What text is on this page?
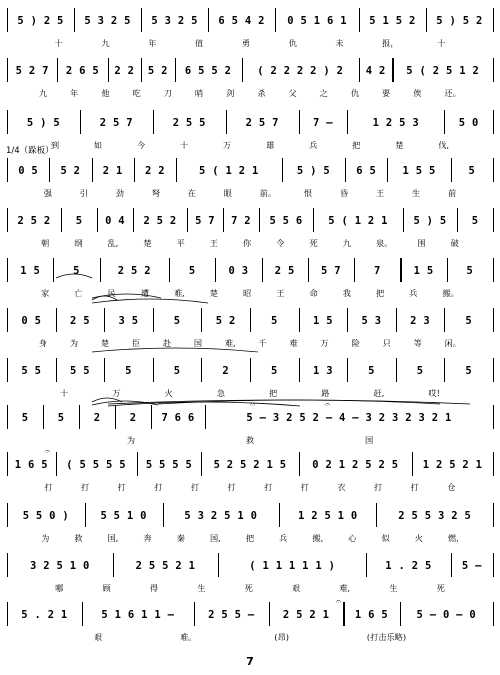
5 ) 2 5 5 3 2 5 5 3 2 5 6 5 4 2 0 5 1 6 1 5 1 5 2 5 ) 5 2
十	九	年	值	勇	仇	未	报，	十
5 2 7 2 6 5 2 2 5 2 6 5 5 2 ( 2 2 2 2 ) 2 4 2 5 ( 2 5 1 2
九	年	他	吃	刀	哨	剑	杀	父	之	仇	要	俟	还。
5 ) 5	2 5 7	2 5 5	2 5 7	7 –	1 2 5 3	5 0
到	如	今	十	万	雄	兵	把	楚	伐,
0 5 5 2 2 1 2 2	5 ( 1 2 1	5 ) 5	6 5	1 5 5	5
强	引	劲	弩	在	眼	前。	恨	昏	王	生	前
2 5 2 5 0 4 2 5 2 5 7 7 2 5 5 6 5 ( 1 2 1 5 ) 5 5
朝	纲	乱,	楚	平	王	你	令	死	九	泉。	围	破
1 5	5	2 5 2	5	0 3	2 5	5 7	7	1 5	5
家	亡	民	遭	难,	楚	昭	王	命	我	把	兵	搬。
0 5	2 5	3 5	5	5 2	5	1 5	5 3	2 3	5
身	为	楚	臣	赴	国	难,	千	难	万	险	只	等	闲。
5 5	5 5	5	5	2	5	1 3	5	5	5
十	万	火	急	把	路	赶,	哎!
5	5	2	2 7 6 6	5 – 3 2 5 2 – 4 – 3 2 3 2 3 2 1
为	救	国
1 6 5 ( 5 5 5 5 5 5 5 5 5 2 5 2 1 5 0 2 1 2 5 2 5 1 2 5 2 1
打	打	打	打	打	打	打	打	衣	打	打	仓
5 5 0 )	5 5 1 0	5 3 2 5 1 0	1 2 5 1 0	2 5 5 3 2 5
为	救	国,	奔	秦	国,	把	兵	搬,	心	似	火	燃,
3 2 5 1 0	2 5 5 2 1	( 1 1 1 1 1 )	1 . 2 5	5 –
哪	顾	得	生	死	艰	难,	生	死
5 . 2 1	5 1 6 1 1 –	2 5 5 –	2 5 2 1 1 6 5	5 – 0 – 0
艰	难。	(昂)	(打击乐略)
1/4（跺板）
𝄐	𝄐
𝄐
𝄐
7
